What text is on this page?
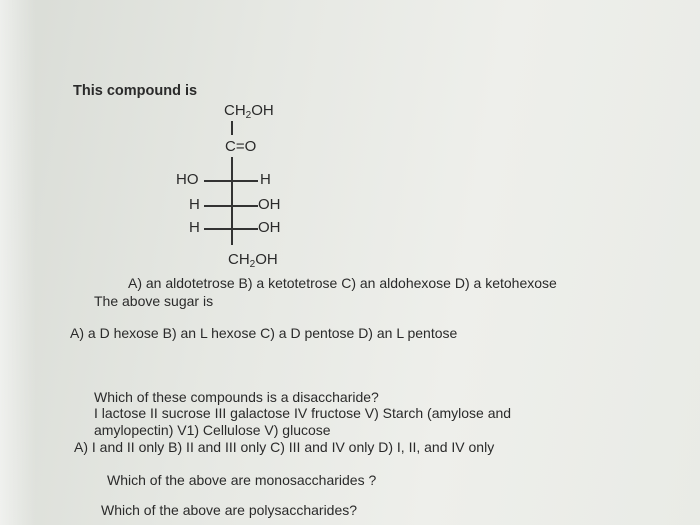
This compound is
$CH_2OH$
C=O
HO	H
H	OH
H	OH
$CH_2OH$
A) an aldotetrose B) a ketotetrose C) an aldohexose D) a ketohexose
The above sugar is
A) a D hexose B) an L hexose C) a D pentose D) an L pentose
Which of these compounds is a disaccharide?
I lactose II sucrose III galactose IV fructose V) Starch (amylose and
amylopectin) V1) Cellulose V) glucose
A) I and II only B) II and III only C) III and IV only D) I, II, and IV only
Which of the above are monosaccharides ?
Which of the above are polysaccharides?
